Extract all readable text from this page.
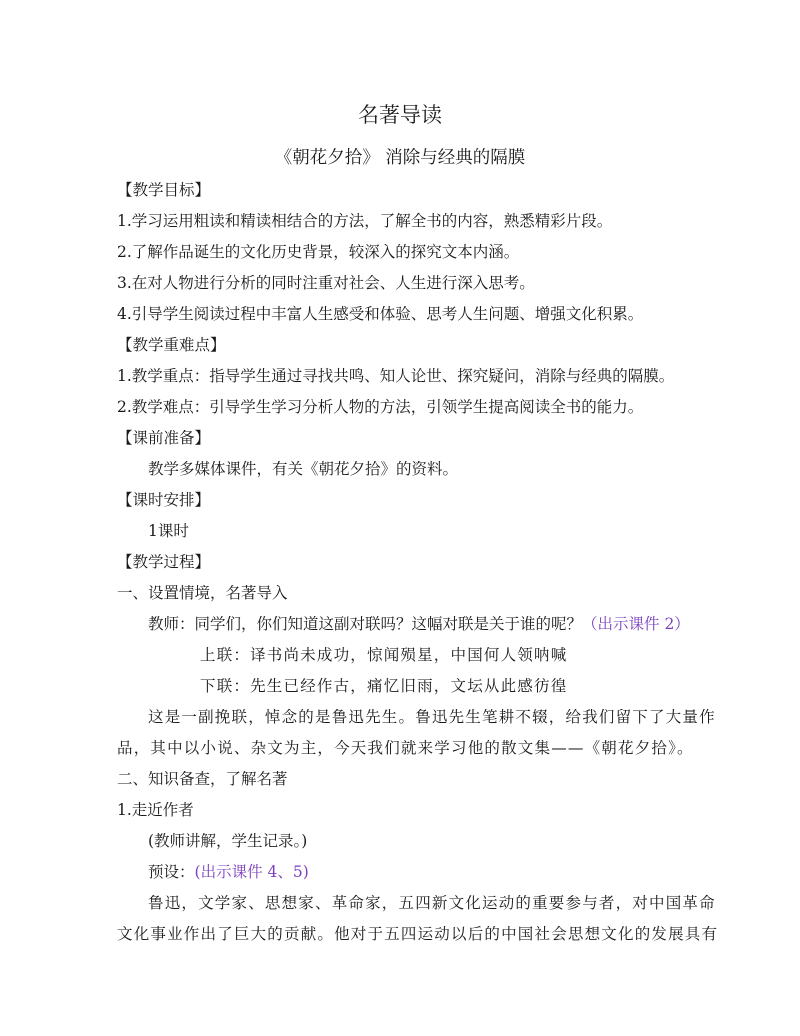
名著导读
《朝花夕拾》 消除与经典的隔膜
【教学目标】
1.学习运用粗读和精读相结合的方法，了解全书的内容，熟悉精彩片段。
2.了解作品诞生的文化历史背景，较深入的探究文本内涵。
3.在对人物进行分析的同时注重对社会、人生进行深入思考。
4.引导学生阅读过程中丰富人生感受和体验、思考人生问题、增强文化积累。
【教学重难点】
1.教学重点：指导学生通过寻找共鸣、知人论世、探究疑问，消除与经典的隔膜。
2.教学难点：引导学生学习分析人物的方法，引领学生提高阅读全书的能力。
【课前准备】
教学多媒体课件，有关《朝花夕拾》的资料。
【课时安排】
1课时
【教学过程】
一、设置情境，名著导入
教师：同学们，你们知道这副对联吗？这幅对联是关于谁的呢？（出示课件 2）
上联：译书尚未成功，惊闻殒星，中国何人领呐喊
下联：先生已经作古，痛忆旧雨，文坛从此感彷徨
这是一副挽联，悼念的是鲁迅先生。鲁迅先生笔耕不辍，给我们留下了大量作
品，其中以小说、杂文为主，今天我们就来学习他的散文集——《朝花夕拾》。
二、知识备查，了解名著
1.走近作者
(教师讲解，学生记录。)
预设：(出示课件 4、5)
鲁迅，文学家、思想家、革命家，五四新文化运动的重要参与者，对中国革命
文化事业作出了巨大的贡献。他对于五四运动以后的中国社会思想文化的发展具有
